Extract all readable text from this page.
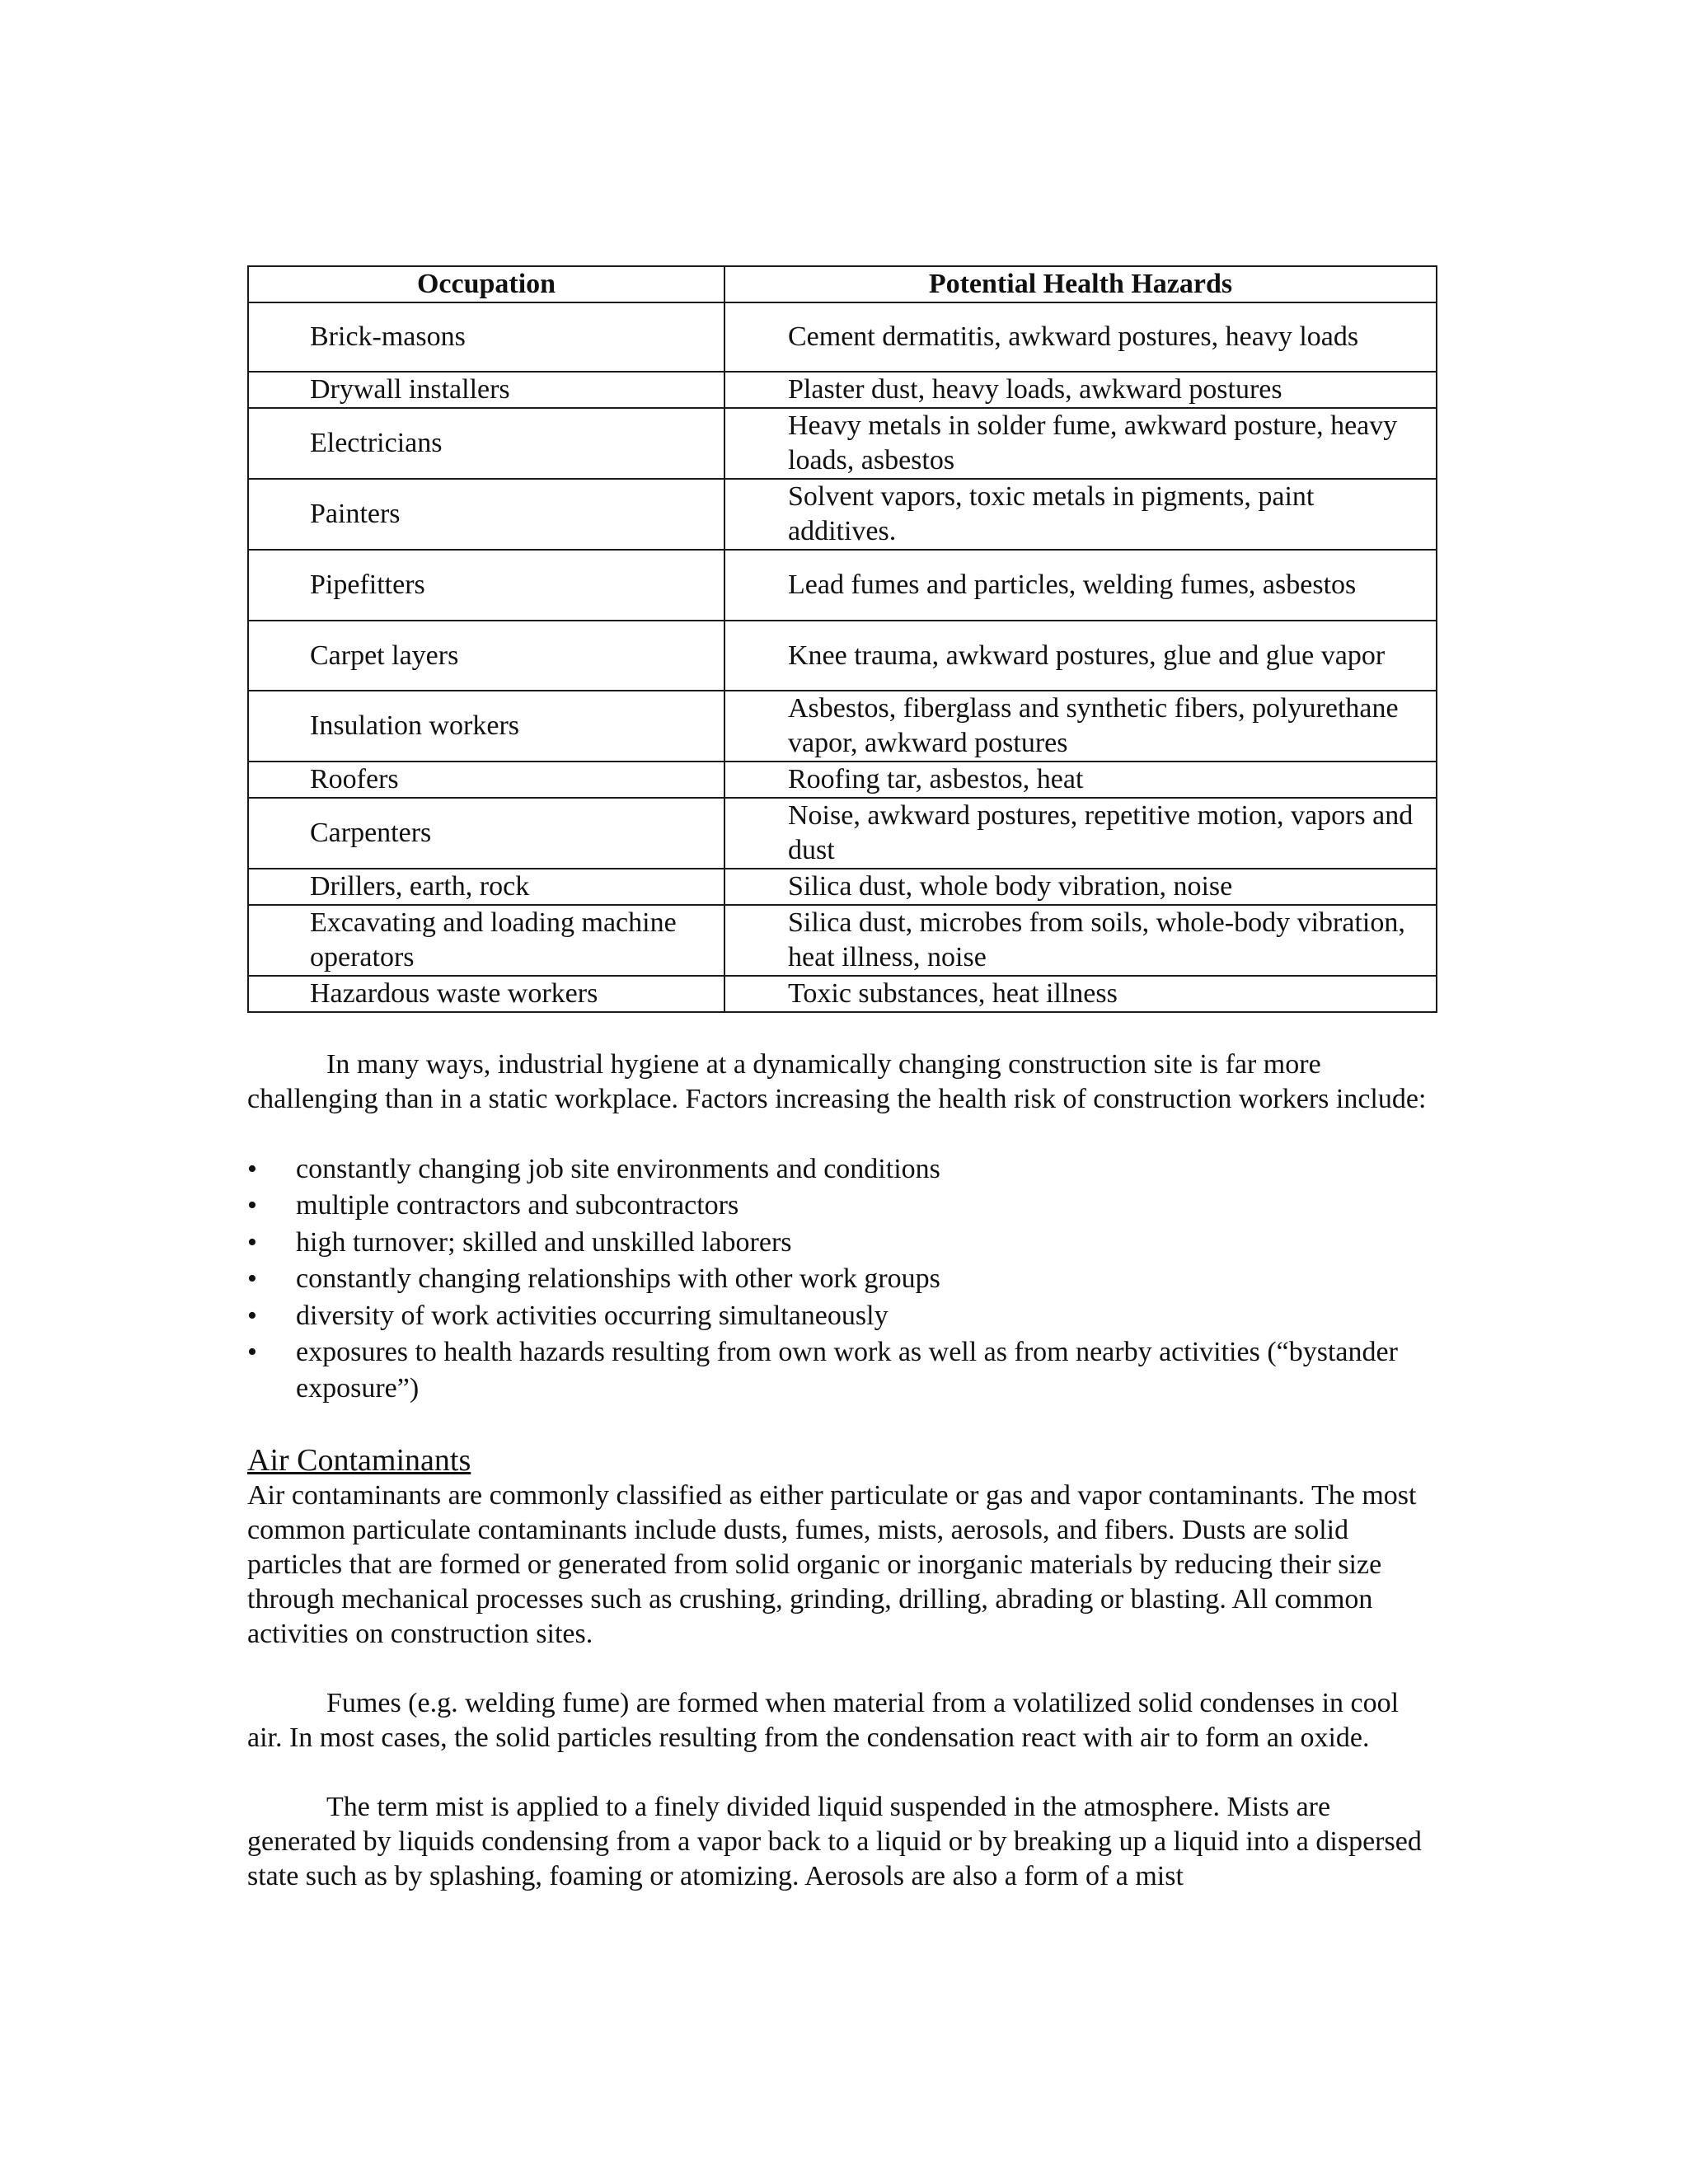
Occupation	Potential Health Hazards
Brick-masons	Cement dermatitis, awkward postures, heavy loads
Drywall installers	Plaster dust, heavy loads, awkward postures
Electricians	Heavy metals in solder fume, awkward posture, heavy loads, asbestos
Painters	Solvent vapors, toxic metals in pigments, paint additives.
Pipefitters	Lead fumes and particles, welding fumes, asbestos
Carpet layers	Knee trauma, awkward postures, glue and glue vapor
Insulation workers	Asbestos, fiberglass and synthetic fibers, polyurethane vapor, awkward postures
Roofers	Roofing tar, asbestos, heat
Carpenters	Noise, awkward postures, repetitive motion, vapors and dust
Drillers, earth, rock	Silica dust, whole body vibration, noise
Excavating and loading machine operators	Silica dust, microbes from soils, whole-body vibration, heat illness, noise
Hazardous waste workers	Toxic substances, heat illness

In many ways, industrial hygiene at a dynamically changing construction site is far more challenging than in a static workplace. Factors increasing the health risk of construction workers include:

• constantly changing job site environments and conditions
• multiple contractors and subcontractors
• high turnover; skilled and unskilled laborers
• constantly changing relationships with other work groups
• diversity of work activities occurring simultaneously
• exposures to health hazards resulting from own work as well as from nearby activities (“bystander exposure”)
Air Contaminants

Air contaminants are commonly classified as either particulate or gas and vapor contaminants. The most common particulate contaminants include dusts, fumes, mists, aerosols, and fibers. Dusts are solid particles that are formed or generated from solid organic or inorganic materials by reducing their size through mechanical processes such as crushing, grinding, drilling, abrading or blasting. All common activities on construction sites.

Fumes (e.g. welding fume) are formed when material from a volatilized solid condenses in cool air. In most cases, the solid particles resulting from the condensation react with air to form an oxide.

The term mist is applied to a finely divided liquid suspended in the atmosphere. Mists are generated by liquids condensing from a vapor back to a liquid or by breaking up a liquid into a dispersed state such as by splashing, foaming or atomizing. Aerosols are also a form of a mist
